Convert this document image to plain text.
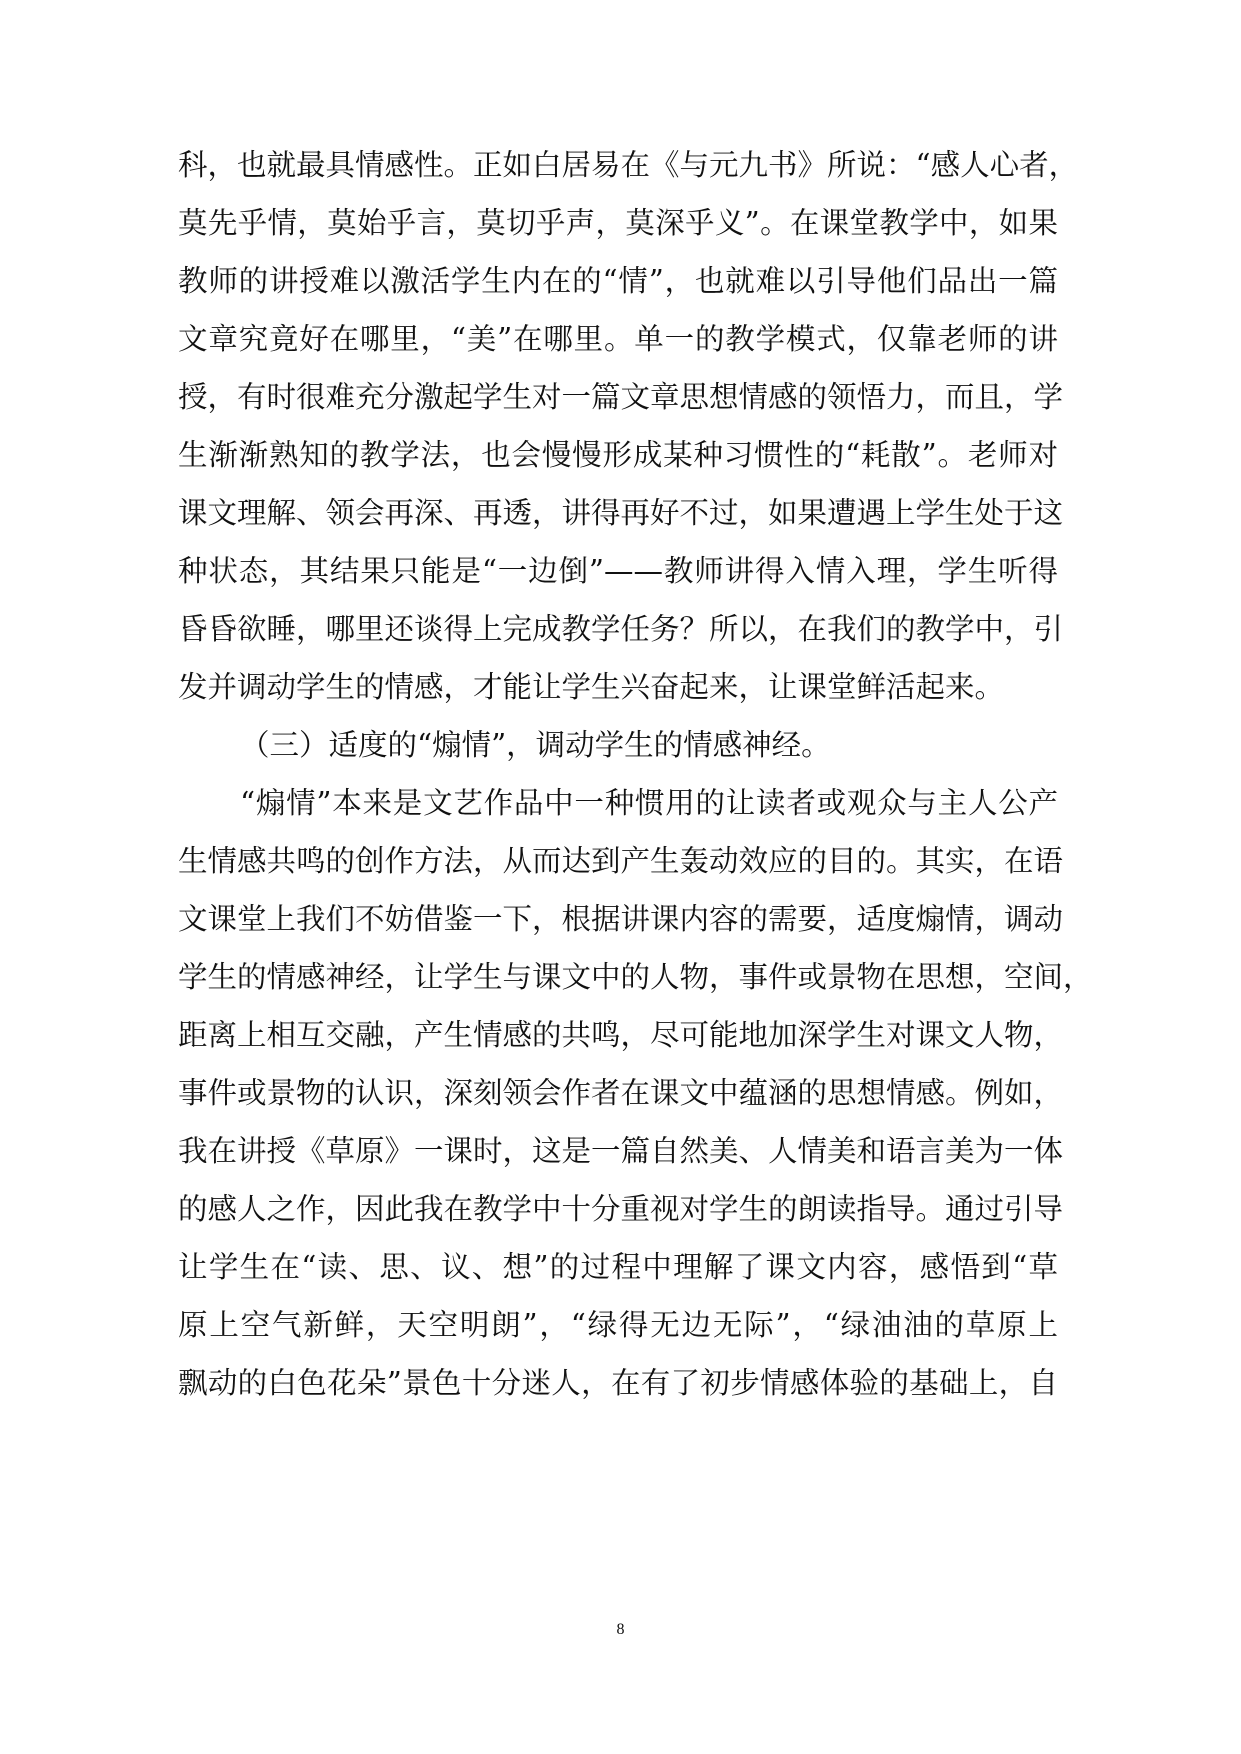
科，也就最具情感性。正如白居易在《与元九书》所说：“感人心者，
莫先乎情，莫始乎言，莫切乎声，莫深乎义”。在课堂教学中，如果
教师的讲授难以激活学生内在的“情”，也就难以引导他们品出一篇
文章究竟好在哪里，“美”在哪里。单一的教学模式，仅靠老师的讲
授，有时很难充分激起学生对一篇文章思想情感的领悟力，而且，学
生渐渐熟知的教学法，也会慢慢形成某种习惯性的“耗散”。老师对
课文理解、领会再深、再透，讲得再好不过，如果遭遇上学生处于这
种状态，其结果只能是“一边倒”——教师讲得入情入理，学生听得
昏昏欲睡，哪里还谈得上完成教学任务？所以，在我们的教学中，引
发并调动学生的情感，才能让学生兴奋起来，让课堂鲜活起来。
（三）适度的“煽情”，调动学生的情感神经。
“煽情”本来是文艺作品中一种惯用的让读者或观众与主人公产
生情感共鸣的创作方法，从而达到产生轰动效应的目的。其实，在语
文课堂上我们不妨借鉴一下，根据讲课内容的需要，适度煽情，调动
学生的情感神经，让学生与课文中的人物，事件或景物在思想，空间，
距离上相互交融，产生情感的共鸣，尽可能地加深学生对课文人物，
事件或景物的认识，深刻领会作者在课文中蕴涵的思想情感。例如，
我在讲授《草原》一课时，这是一篇自然美、人情美和语言美为一体
的感人之作，因此我在教学中十分重视对学生的朗读指导。通过引导
让学生在“读、思、议、想”的过程中理解了课文内容，感悟到“草
原上空气新鲜，天空明朗”，“绿得无边无际”，“绿油油的草原上
飘动的白色花朵”景色十分迷人，在有了初步情感体验的基础上，自
8
